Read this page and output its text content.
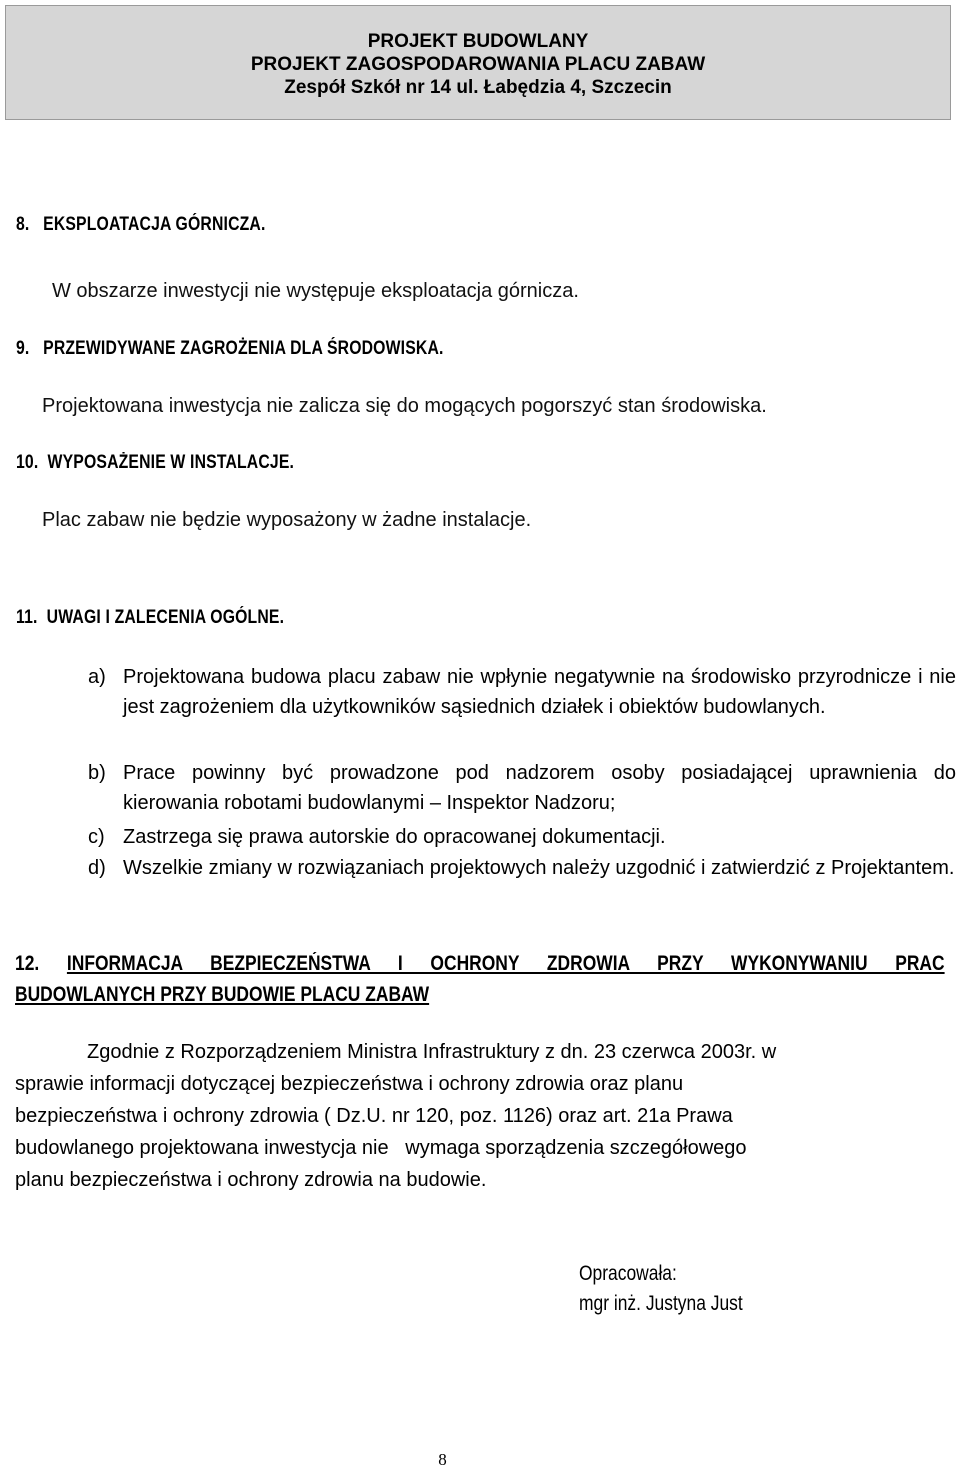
PROJEKT BUDOWLANY
PROJEKT ZAGOSPODAROWANIA PLACU ZABAW
Zespół Szkół nr 14 ul. Łabędzia 4, Szczecin
8. EKSPLOATACJA GÓRNICZA.
W obszarze inwestycji nie występuje eksploatacja górnicza.
9. PRZEWIDYWANE ZAGROŻENIA DLA ŚRODOWISKA.
Projektowana inwestycja nie zalicza się do mogących pogorszyć stan środowiska.
10. WYPOSAŻENIE W INSTALACJE.
Plac zabaw nie będzie wyposażony w żadne instalacje.
11. UWAGI I ZALECENIA OGÓLNE.
a) Projektowana budowa placu zabaw nie wpłynie negatywnie na środowisko przyrodnicze i nie jest zagrożeniem dla użytkowników sąsiednich działek i obiektów budowlanych.
b) Prace powinny być prowadzone pod nadzorem osoby posiadającej uprawnienia do kierowania robotami budowlanymi – Inspektor Nadzoru;
c) Zastrzega się prawa autorskie do opracowanej dokumentacji.
d) Wszelkie zmiany w rozwiązaniach projektowych należy uzgodnić i zatwierdzić z Projektantem.
12. INFORMACJA BEZPIECZEŃSTWA I OCHRONY ZDROWIA PRZY WYKONYWANIU PRAC
BUDOWLANYCH PRZY BUDOWIE PLACU ZABAW
Zgodnie z Rozporządzeniem Ministra Infrastruktury z dn. 23 czerwca 2003r. w
sprawie informacji dotyczącej bezpieczeństwa i ochrony zdrowia oraz planu
bezpieczeństwa i ochrony zdrowia ( Dz.U. nr 120, poz. 1126) oraz art. 21a Prawa
budowlanego projektowana inwestycja nie   wymaga sporządzenia szczegółowego
planu bezpieczeństwa i ochrony zdrowia na budowie.
Opracowała:
mgr inż. Justyna Just
8
